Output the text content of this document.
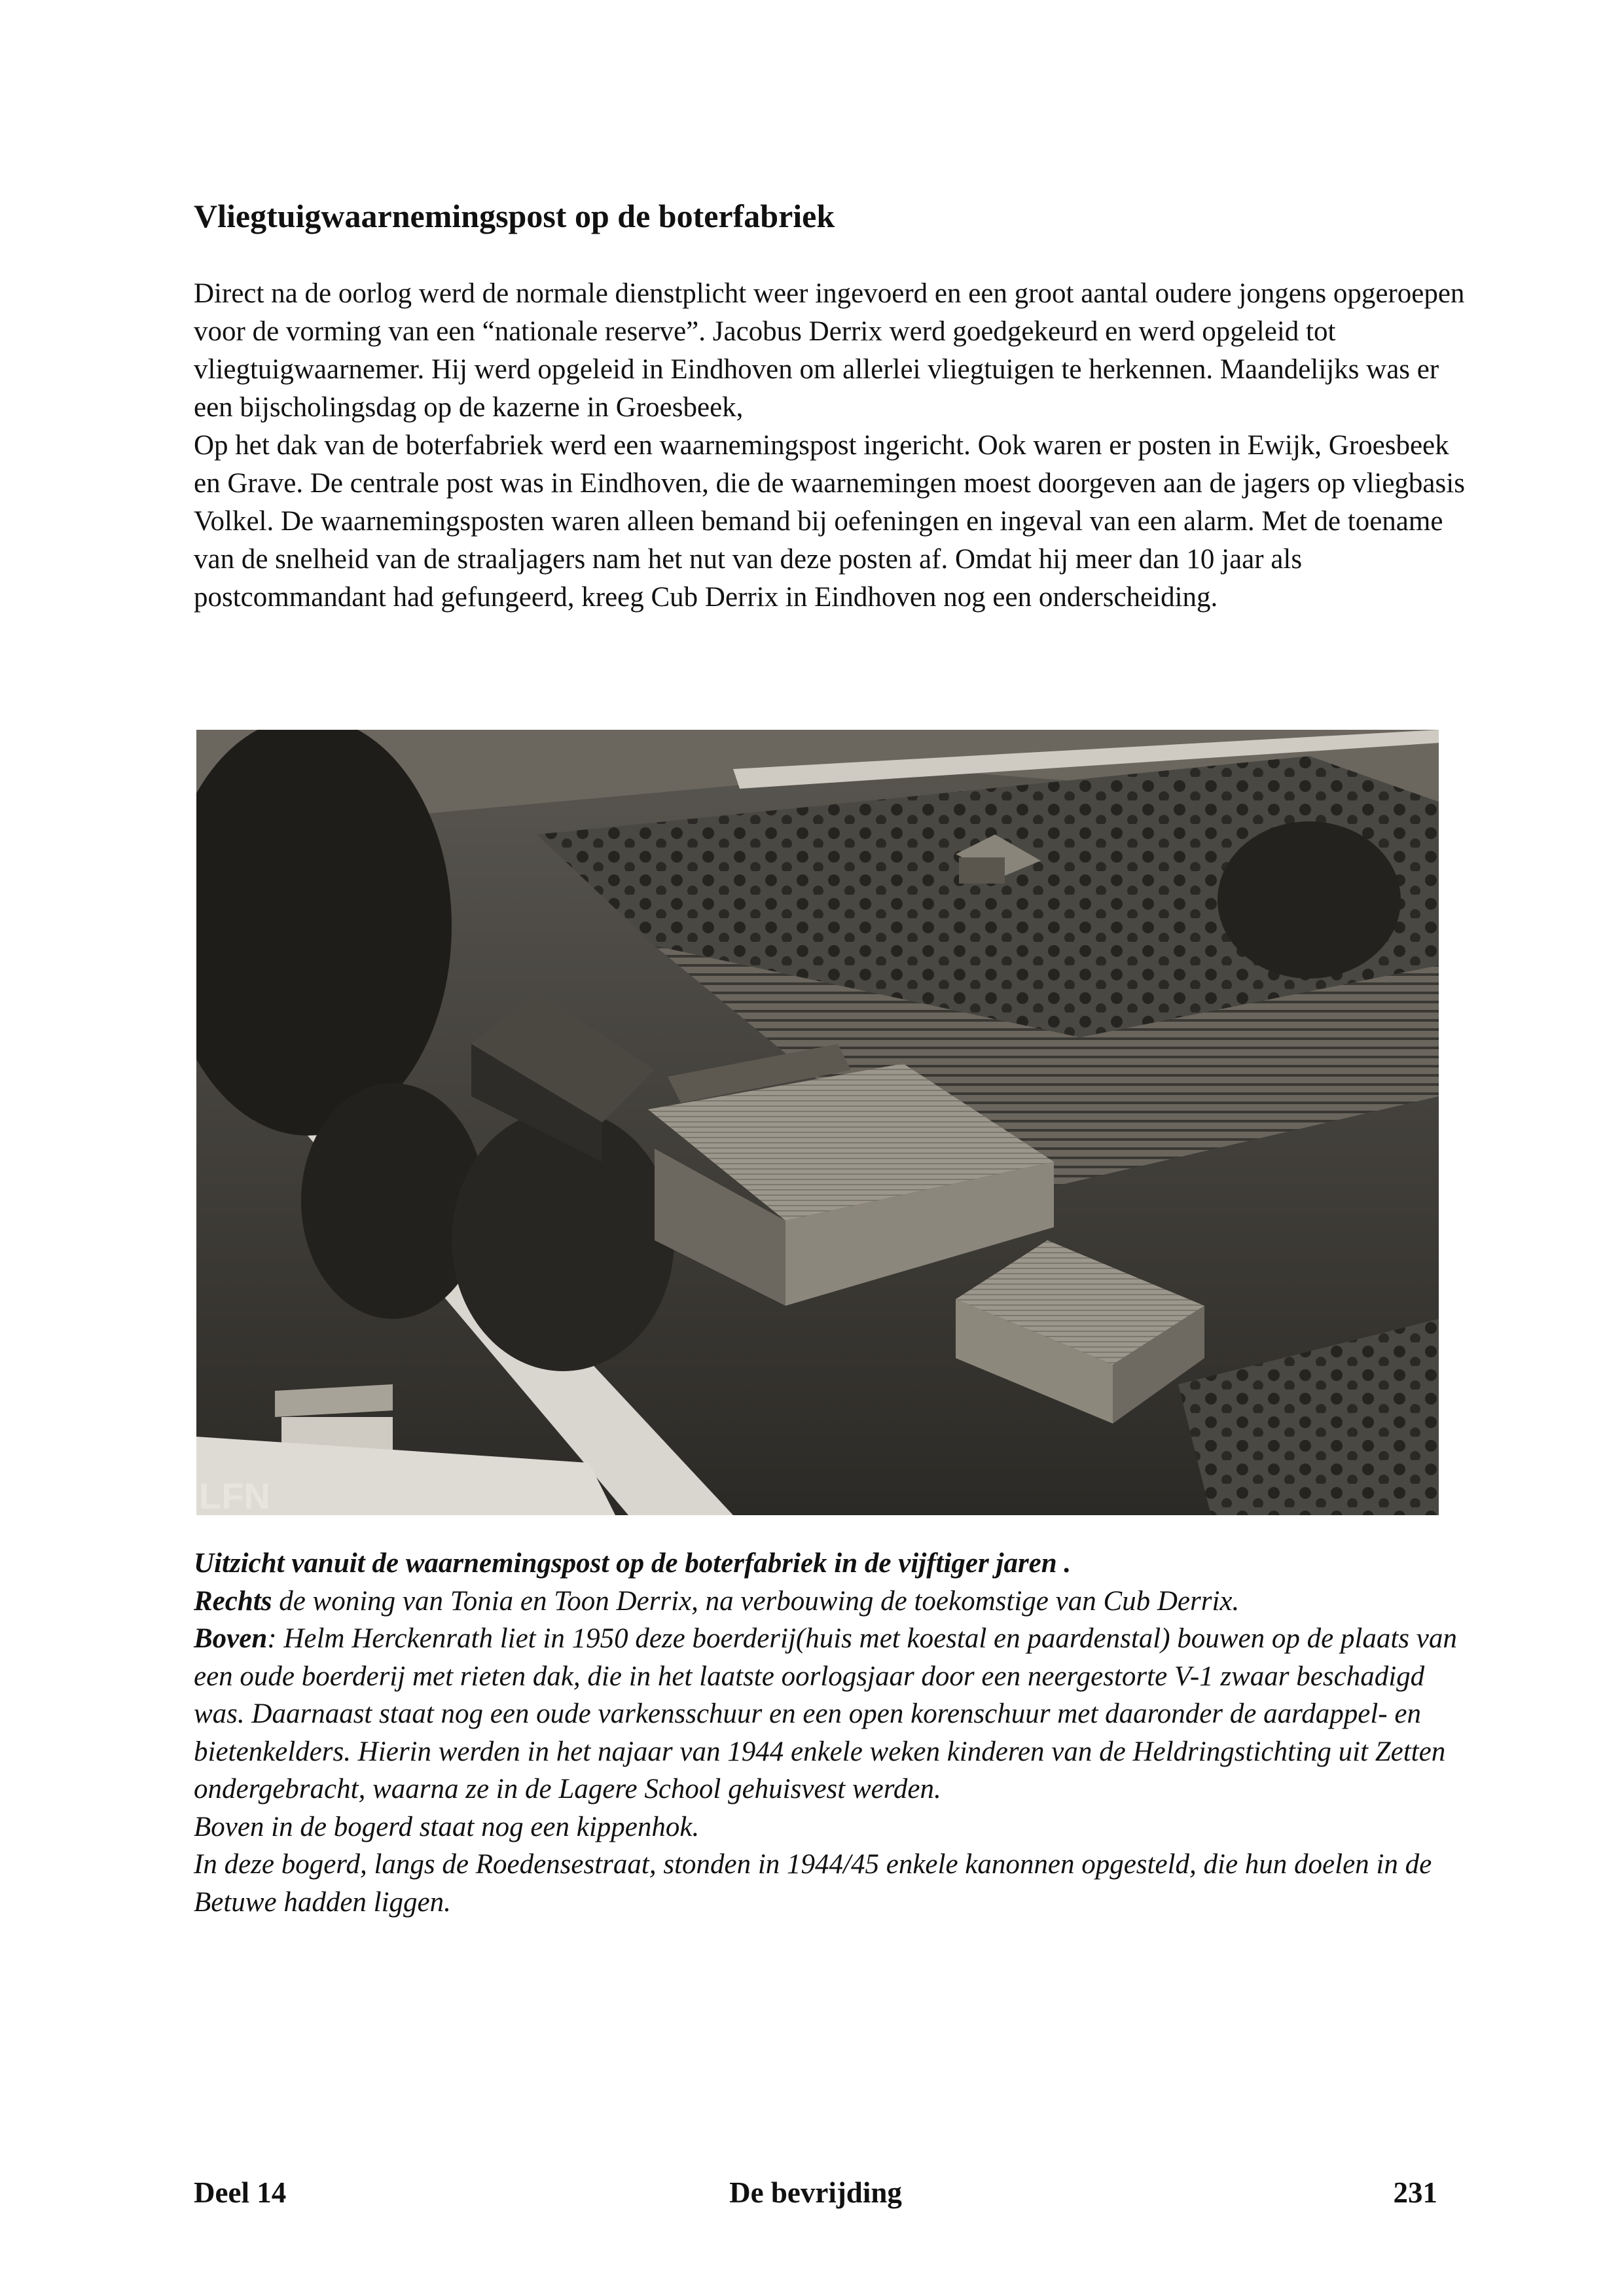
Vliegtuigwaarnemingspost op de boterfabriek

Direct na de oorlog werd de normale dienstplicht weer ingevoerd en een groot aantal oudere jongens opgeroepen voor de vorming van een “nationale reserve”. Jacobus Derrix werd goedgekeurd en werd opgeleid tot vliegtuigwaarnemer. Hij werd opgeleid in Eindhoven om allerlei vliegtuigen te herkennen. Maandelijks was er een bijscholingsdag op de kazerne in Groesbeek,

Op het dak van de boterfabriek werd een waarnemingspost ingericht. Ook waren er posten in Ewijk, Groesbeek en Grave. De centrale post was in Eindhoven, die de waarnemingen moest doorgeven aan de jagers op vliegbasis Volkel. De waarnemingsposten waren alleen bemand bij oefeningen en ingeval van een alarm. Met de toename van de snelheid van de straaljagers nam het nut van deze posten af. Omdat hij meer dan 10 jaar als postcommandant had gefungeerd, kreeg Cub Derrix in Eindhoven nog een onderscheiding.

LFN

Uitzicht vanuit de waarnemingspost op de boterfabriek in de vijftiger jaren .

Rechts de woning van Tonia en Toon Derrix, na verbouwing de toekomstige van Cub Derrix.

Boven: Helm Herckenrath liet in 1950 deze boerderij(huis met koestal en paardenstal) bouwen op de plaats van een oude boerderij met rieten dak, die in het laatste oorlogsjaar door een neergestorte V-1 zwaar beschadigd was. Daarnaast staat nog een oude varkensschuur en een open korenschuur met daaronder de aardappel- en bietenkelders. Hierin werden in het najaar van 1944 enkele weken kinderen van de Heldringstichting uit Zetten ondergebracht, waarna ze in de Lagere School gehuisvest werden.

Boven in de bogerd staat nog een kippenhok.

In deze bogerd, langs de Roedensestraat, stonden in 1944/45 enkele kanonnen opgesteld, die hun doelen in de Betuwe hadden liggen.

Deel 14	De bevrijding	231
